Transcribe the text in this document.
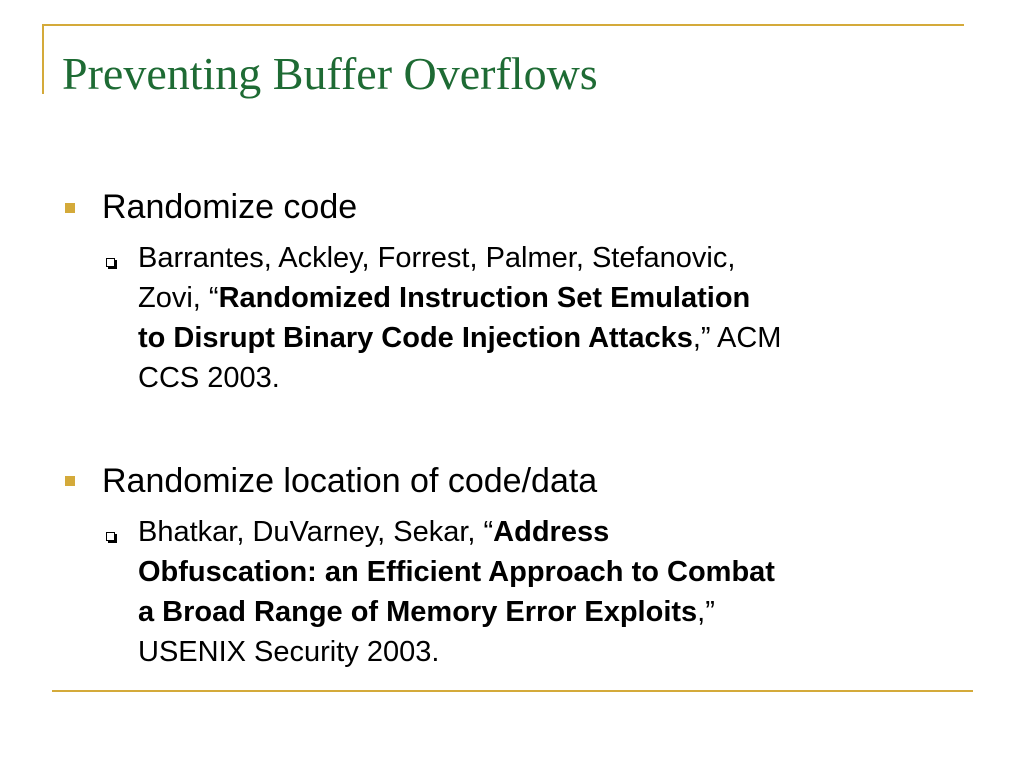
Preventing Buffer Overflows

Randomize code

Barrantes, Ackley, Forrest, Palmer, Stefanovic,
Zovi, “Randomized Instruction Set Emulation
to Disrupt Binary Code Injection Attacks,” ACM
CCS 2003.

Randomize location of code/data

Bhatkar, DuVarney, Sekar, “Address
Obfuscation: an Efficient Approach to Combat
a Broad Range of Memory Error Exploits,”
USENIX Security 2003.
